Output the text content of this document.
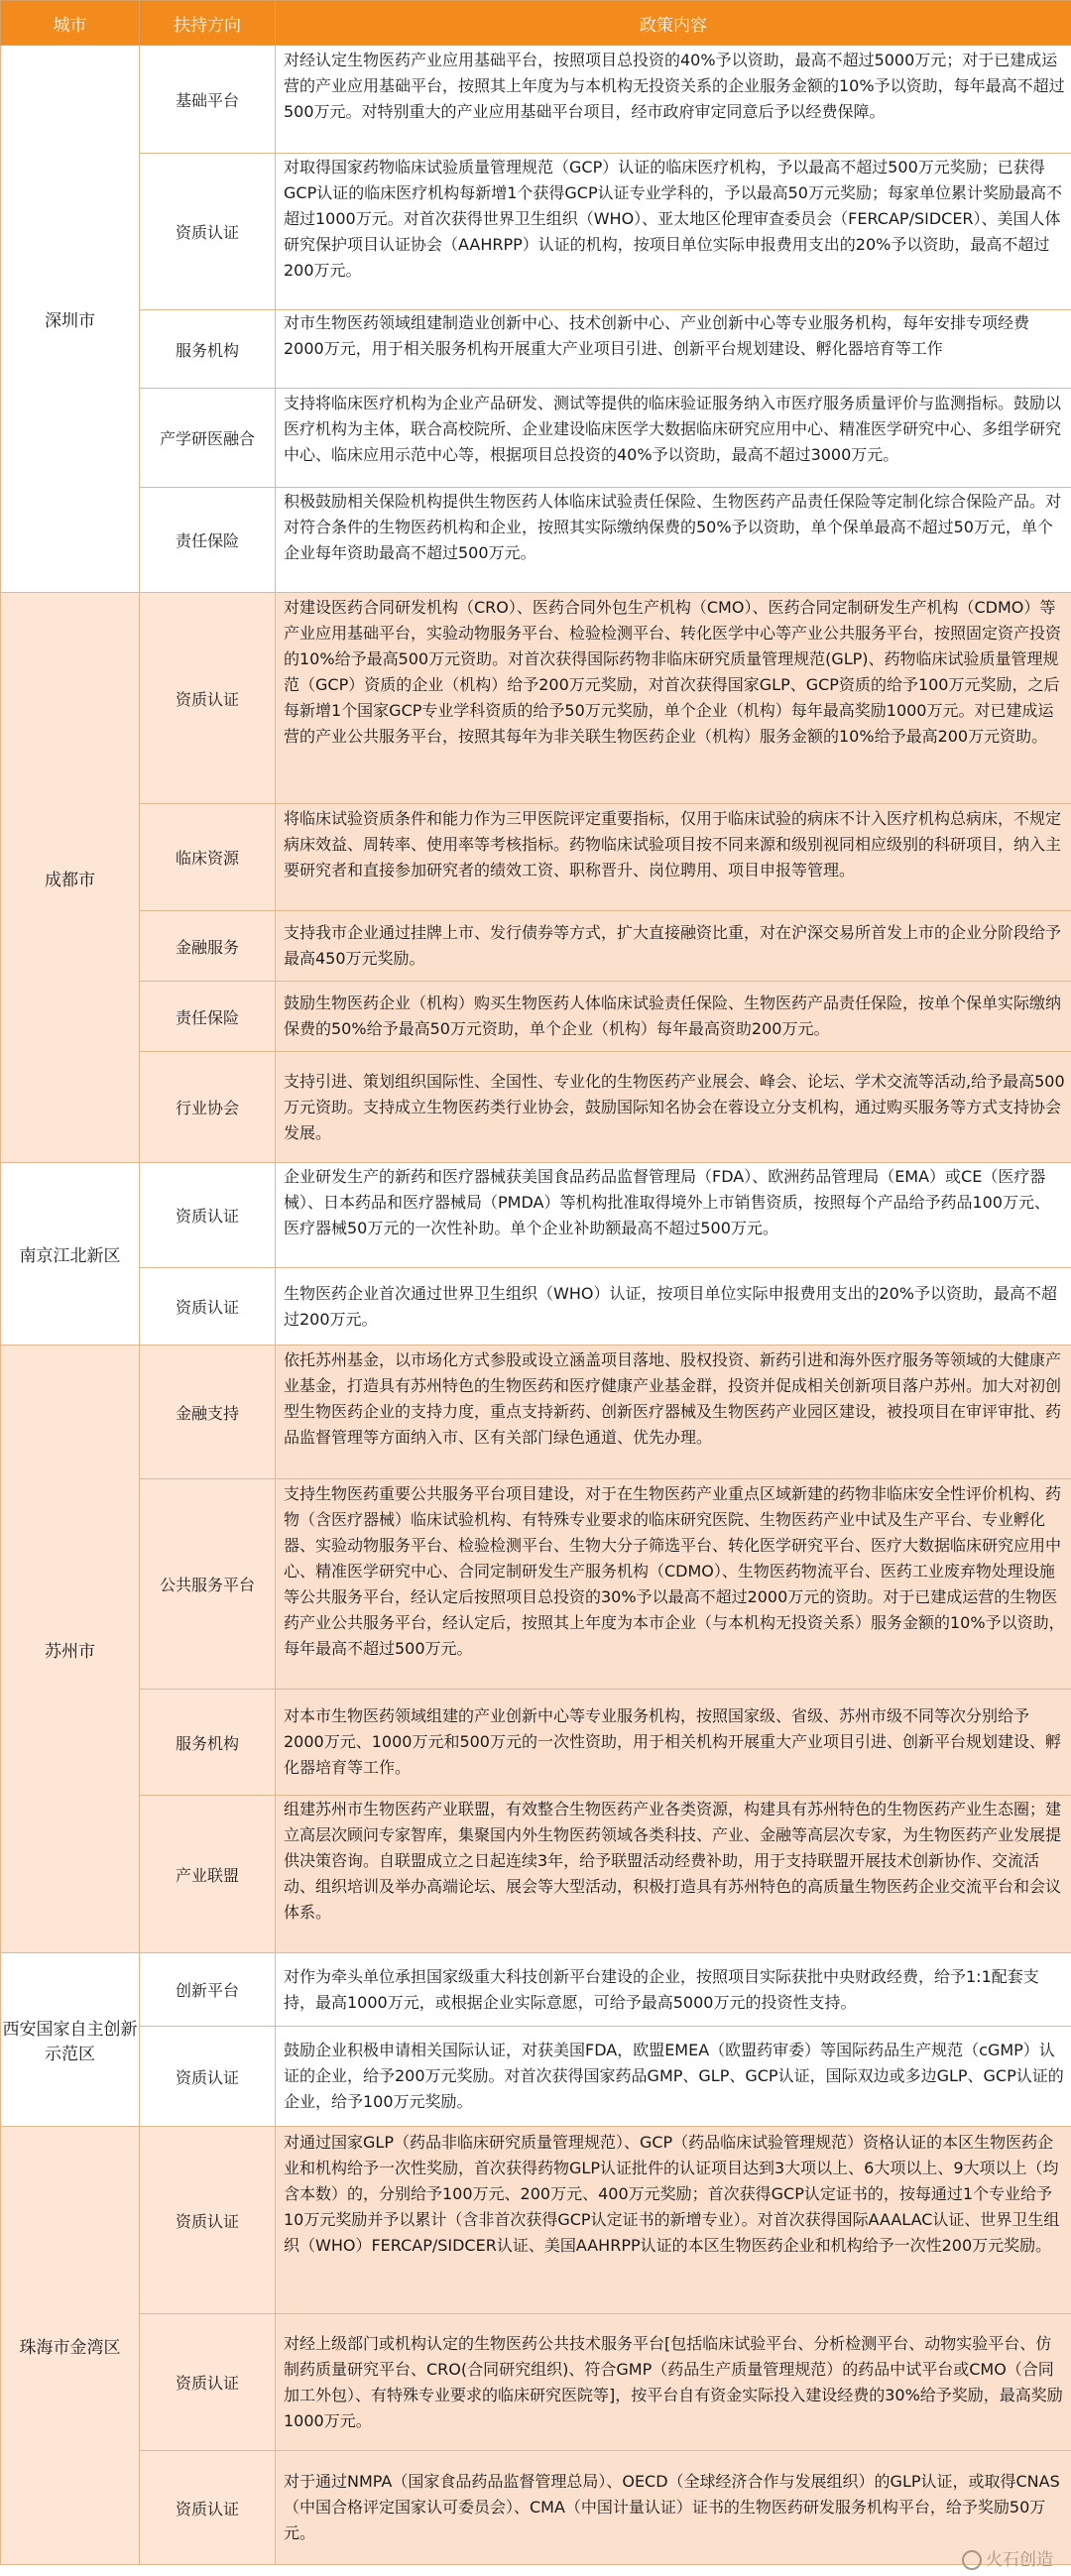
城市	扶持方向	政策内容
深圳市	基础平台	对经认定生物医药产业应用基础平台，按照项目总投资的40%予以资助，最高不超过5000万元；对于已建成运营的产业应用基础平台，按照其上年度为与本机构无投资关系的企业服务金额的10%予以资助，每年最高不超过500万元。对特别重大的产业应用基础平台项目，经市政府审定同意后予以经费保障。

	资质认证	对取得国家药物临床试验质量管理规范（GCP）认证的临床医疗机构，予以最高不超过500万元奖励；已获得GCP认证的临床医疗机构每新增1个获得GCP认证专业学科的，予以最高50万元奖励；每家单位累计奖励最高不超过1000万元。对首次获得世界卫生组织（WHO）、亚太地区伦理审查委员会（FERCAP/SIDCER）、美国人体研究保护项目认证协会（AAHRPP）认证的机构，按项目单位实际申报费用支出的20%予以资助，最高不超过200万元。

	服务机构	对市生物医药领域组建制造业创新中心、技术创新中心、产业创新中心等专业服务机构，每年安排专项经费2000万元，用于相关服务机构开展重大产业项目引进、创新平台规划建设、孵化器培育等工作

	产学研医融合	支持将临床医疗机构为企业产品研发、测试等提供的临床验证服务纳入市医疗服务质量评价与监测指标。鼓励以医疗机构为主体，联合高校院所、企业建设临床医学大数据临床研究应用中心、精准医学研究中心、多组学研究中心、临床应用示范中心等，根据项目总投资的40%予以资助，最高不超过3000万元。

	责任保险	积极鼓励相关保险机构提供生物医药人体临床试验责任保险、生物医药产品责任保险等定制化综合保险产品。对对符合条件的生物医药机构和企业，按照其实际缴纳保费的50%予以资助，单个保单最高不超过50万元，单个企业每年资助最高不超过500万元。

成都市	资质认证	对建设医药合同研发机构（CRO）、医药合同外包生产机构（CMO）、医药合同定制研发生产机构（CDMO）等产业应用基础平台，实验动物服务平台、检验检测平台、转化医学中心等产业公共服务平台，按照固定资产投资的10%给予最高500万元资助。对首次获得国际药物非临床研究质量管理规范(GLP)、药物临床试验质量管理规范（GCP）资质的企业（机构）给予200万元奖励，对首次获得国家GLP、GCP资质的给予100万元奖励，之后每新增1个国家GCP专业学科资质的给予50万元奖励，单个企业（机构）每年最高奖励1000万元。对已建成运营的产业公共服务平台，按照其每年为非关联生物医药企业（机构）服务金额的10%给予最高200万元资助。

	临床资源	将临床试验资质条件和能力作为三甲医院评定重要指标，仅用于临床试验的病床不计入医疗机构总病床，不规定病床效益、周转率、使用率等考核指标。药物临床试验项目按不同来源和级别视同相应级别的科研项目，纳入主要研究者和直接参加研究者的绩效工资、职称晋升、岗位聘用、项目申报等管理。

	金融服务	支持我市企业通过挂牌上市、发行债券等方式，扩大直接融资比重，对在沪深交易所首发上市的企业分阶段给予最高450万元奖励。

	责任保险	鼓励生物医药企业（机构）购买生物医药人体临床试验责任保险、生物医药产品责任保险，按单个保单实际缴纳保费的50%给予最高50万元资助，单个企业（机构）每年最高资助200万元。

	行业协会	支持引进、策划组织国际性、全国性、专业化的生物医药产业展会、峰会、论坛、学术交流等活动,给予最高500万元资助。支持成立生物医药类行业协会，鼓励国际知名协会在蓉设立分支机构，通过购买服务等方式支持协会发展。

南京江北新区	资质认证	企业研发生产的新药和医疗器械获美国食品药品监督管理局（FDA）、欧洲药品管理局（EMA）或CE（医疗器械）、日本药品和医疗器械局（PMDA）等机构批准取得境外上市销售资质，按照每个产品给予药品100万元、医疗器械50万元的一次性补助。单个企业补助额最高不超过500万元。

	资质认证	生物医药企业首次通过世界卫生组织（WHO）认证，按项目单位实际申报费用支出的20%予以资助，最高不超过200万元。

苏州市	金融支持	依托苏州基金，以市场化方式参股或设立涵盖项目落地、股权投资、新药引进和海外医疗服务等领域的大健康产业基金，打造具有苏州特色的生物医药和医疗健康产业基金群，投资并促成相关创新项目落户苏州。加大对初创型生物医药企业的支持力度，重点支持新药、创新医疗器械及生物医药产业园区建设，被投项目在审评审批、药品监督管理等方面纳入市、区有关部门绿色通道、优先办理。

	公共服务平台	支持生物医药重要公共服务平台项目建设，对于在生物医药产业重点区域新建的药物非临床安全性评价机构、药物（含医疗器械）临床试验机构、有特殊专业要求的临床研究医院、生物医药产业中试及生产平台、专业孵化器、实验动物服务平台、检验检测平台、生物大分子筛选平台、转化医学研究平台、医疗大数据临床研究应用中心、精准医学研究中心、合同定制研发生产服务机构（CDMO）、生物医药物流平台、医药工业废弃物处理设施等公共服务平台，经认定后按照项目总投资的30%予以最高不超过2000万元的资助。对于已建成运营的生物医药产业公共服务平台，经认定后，按照其上年度为本市企业（与本机构无投资关系）服务金额的10%予以资助，每年最高不超过500万元。

	服务机构	对本市生物医药领域组建的产业创新中心等专业服务机构，按照国家级、省级、苏州市级不同等次分别给予2000万元、1000万元和500万元的一次性资助，用于相关机构开展重大产业项目引进、创新平台规划建设、孵化器培育等工作。

	产业联盟	组建苏州市生物医药产业联盟，有效整合生物医药产业各类资源，构建具有苏州特色的生物医药产业生态圈；建立高层次顾问专家智库，集聚国内外生物医药领域各类科技、产业、金融等高层次专家，为生物医药产业发展提供决策咨询。自联盟成立之日起连续3年，给予联盟活动经费补助，用于支持联盟开展技术创新协作、交流活动、组织培训及举办高端论坛、展会等大型活动，积极打造具有苏州特色的高质量生物医药企业交流平台和会议体系。

西安国家自主创新示范区	创新平台	对作为牵头单位承担国家级重大科技创新平台建设的企业，按照项目实际获批中央财政经费，给予1:1配套支持，最高1000万元，或根据企业实际意愿，可给予最高5000万元的投资性支持。

	资质认证	鼓励企业积极申请相关国际认证，对获美国FDA，欧盟EMEA（欧盟药审委）等国际药品生产规范（cGMP）认证的企业，给予200万元奖励。对首次获得国家药品GMP、GLP、GCP认证，国际双边或多边GLP、GCP认证的企业，给予100万元奖励。

珠海市金湾区	资质认证	对通过国家GLP（药品非临床研究质量管理规范）、GCP（药品临床试验管理规范）资格认证的本区生物医药企业和机构给予一次性奖励，首次获得药物GLP认证批件的认证项目达到3大项以上、6大项以上、9大项以上（均含本数）的，分别给予100万元、200万元、400万元奖励；首次获得GCP认定证书的，按每通过1个专业给予10万元奖励并予以累计（含非首次获得GCP认定证书的新增专业）。对首次获得国际AAALAC认证、世界卫生组织（WHO）FERCAP/SIDCER认证、美国AAHRPP认证的本区生物医药企业和机构给予一次性200万元奖励。

	资质认证	对经上级部门或机构认定的生物医药公共技术服务平台[包括临床试验平台、分析检测平台、动物实验平台、仿制药质量研究平台、CRO(合同研究组织)、符合GMP（药品生产质量管理规范）的药品中试平台或CMO（合同加工外包）、有特殊专业要求的临床研究医院等]，按平台自有资金实际投入建设经费的30%给予奖励，最高奖励1000万元。

	资质认证	对于通过NMPA（国家食品药品监督管理总局）、OECD（全球经济合作与发展组织）的GLP认证，或取得CNAS（中国合格评定国家认可委员会）、CMA（中国计量认证）证书的生物医药研发服务机构平台，给予奖励50万元。
火石创造
